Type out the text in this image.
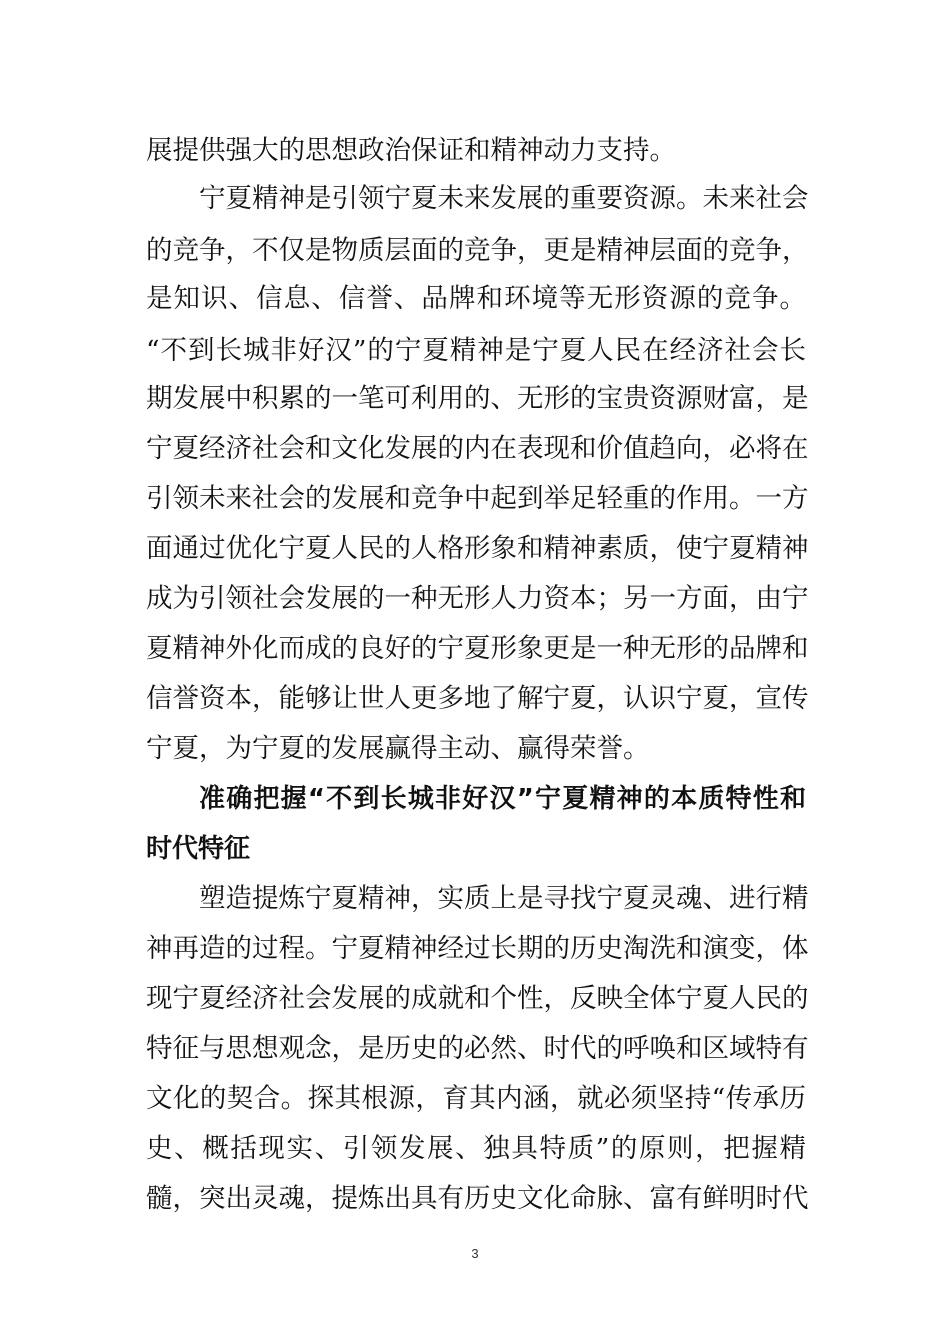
展提供强大的思想政治保证和精神动力支持。
宁夏精神是引领宁夏未来发展的重要资源。未来社会
的竞争，不仅是物质层面的竞争，更是精神层面的竞争，
是知识、信息、信誉、品牌和环境等无形资源的竞争。
“不到长城非好汉”的宁夏精神是宁夏人民在经济社会长
期发展中积累的一笔可利用的、无形的宝贵资源财富，是
宁夏经济社会和文化发展的内在表现和价值趋向，必将在
引领未来社会的发展和竞争中起到举足轻重的作用。一方
面通过优化宁夏人民的人格形象和精神素质，使宁夏精神
成为引领社会发展的一种无形人力资本；另一方面，由宁
夏精神外化而成的良好的宁夏形象更是一种无形的品牌和
信誉资本，能够让世人更多地了解宁夏，认识宁夏，宣传
宁夏，为宁夏的发展赢得主动、赢得荣誉。
准确把握“不到长城非好汉”宁夏精神的本质特性和
时代特征
塑造提炼宁夏精神，实质上是寻找宁夏灵魂、进行精
神再造的过程。宁夏精神经过长期的历史淘洗和演变，体
现宁夏经济社会发展的成就和个性，反映全体宁夏人民的
特征与思想观念，是历史的必然、时代的呼唤和区域特有
文化的契合。探其根源，育其内涵，就必须坚持“传承历
史、概括现实、引领发展、独具特质”的原则，把握精
髓，突出灵魂，提炼出具有历史文化命脉、富有鲜明时代
3
